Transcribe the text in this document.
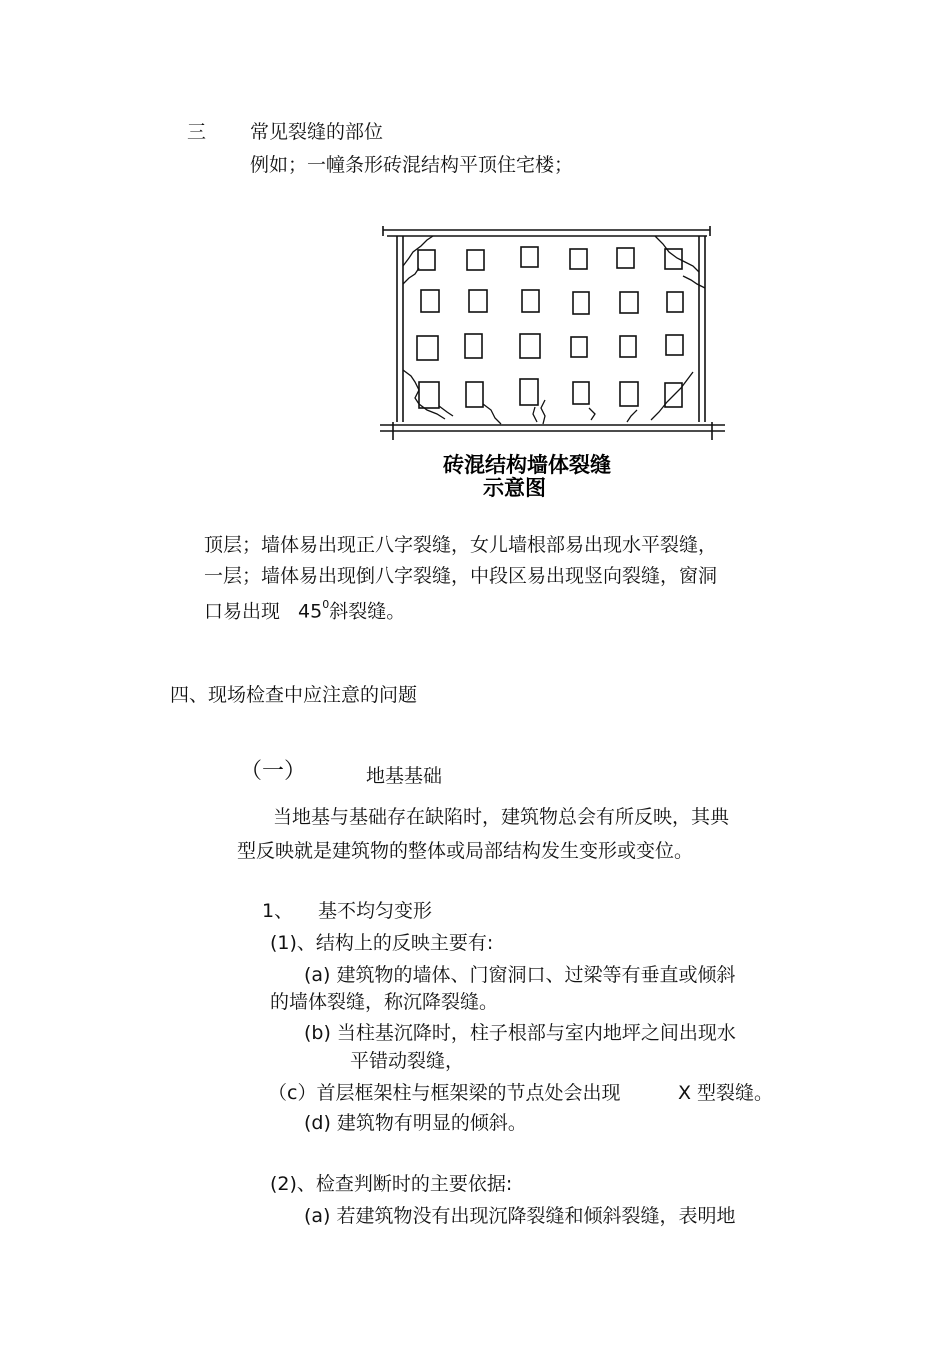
三 常见裂缝的部位
例如；一幢条形砖混结构平顶住宅楼；
砖混结构墙体裂缝
示意图
顶层；墙体易出现正八字裂缝，女儿墙根部易出现水平裂缝，
一层；墙体易出现倒八字裂缝，中段区易出现竖向裂缝，窗洞
口易出现 $45^0$斜裂缝。
四、现场检查中应注意的问题
（一）	地基基础
当地基与基础存在缺陷时，建筑物总会有所反映，其典
型反映就是建筑物的整体或局部结构发生变形或变位。
1、 基不均匀变形
(1)、结构上的反映主要有:
(a) 建筑物的墙体、门窗洞口、过梁等有垂直或倾斜
的墙体裂缝，称沉降裂缝。
(b) 当柱基沉降时，柱子根部与室内地坪之间出现水
平错动裂缝，
（c）首层框架柱与框架梁的节点处会出现	X 型裂缝。
(d) 建筑物有明显的倾斜。
(2)、检查判断时的主要依据:
(a) 若建筑物没有出现沉降裂缝和倾斜裂缝，表明地
